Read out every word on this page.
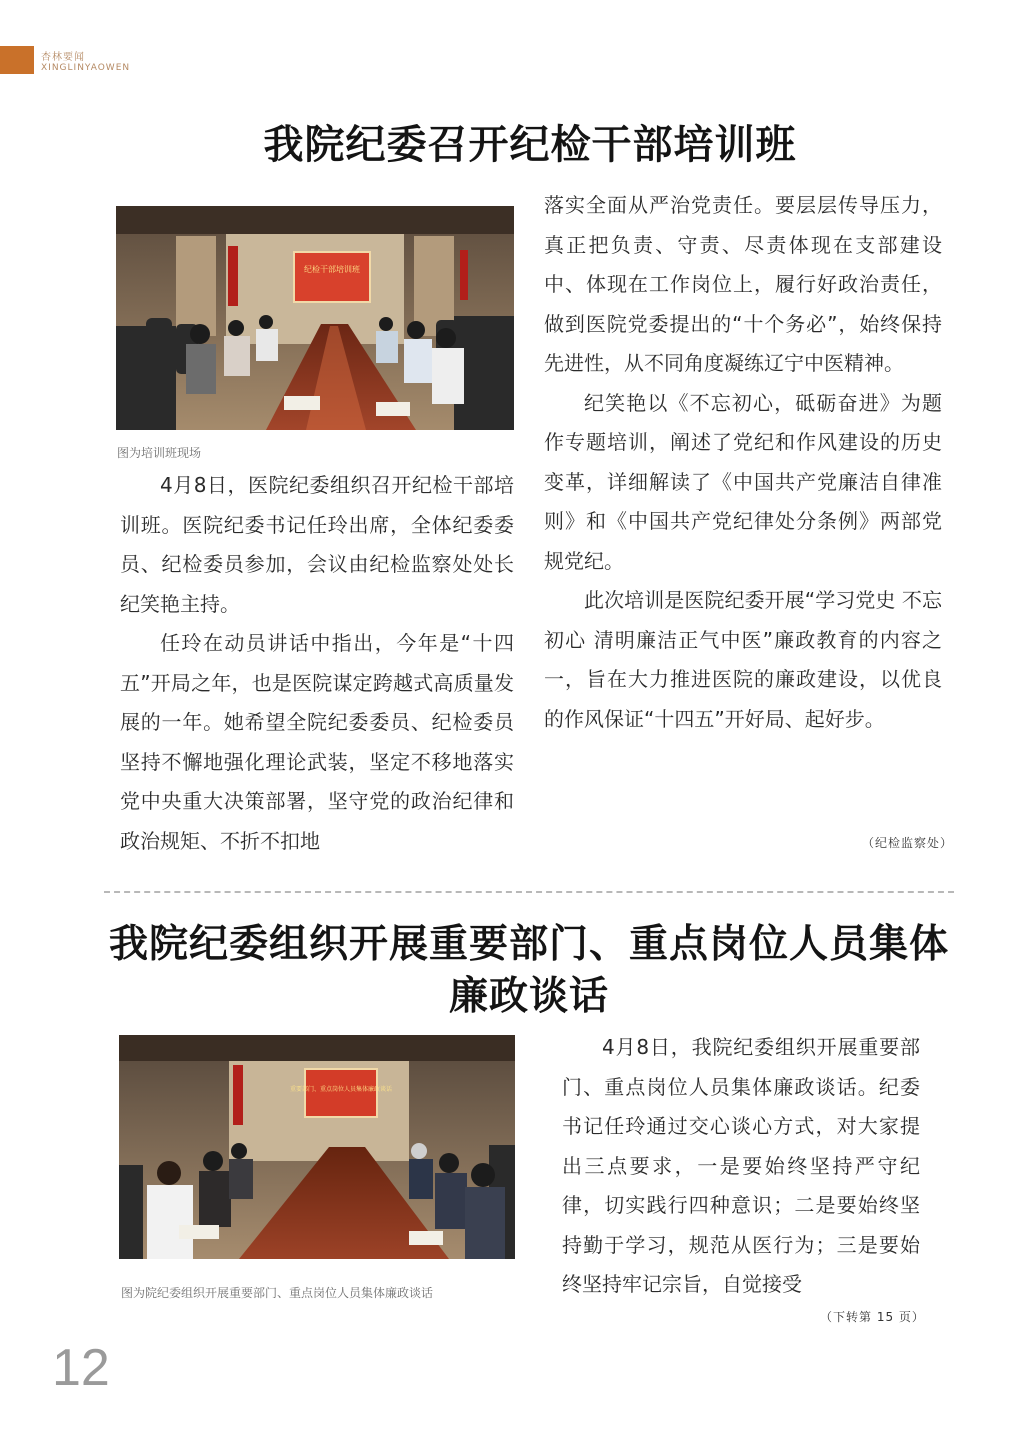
杏林要闻
XINGLINYAOWEN
我院纪委召开纪检干部培训班
纪检干部培训班
图为培训班现场

4月8日，医院纪委组织召开纪检干部培训班。医院纪委书记任玲出席，全体纪委委员、纪检委员参加，会议由纪检监察处处长纪笑艳主持。

任玲在动员讲话中指出，今年是“十四五”开局之年，也是医院谋定跨越式高质量发展的一年。她希望全院纪委委员、纪检委员坚持不懈地强化理论武装，坚定不移地落实党中央重大决策部署，坚守党的政治纪律和政治规矩、不折不扣地

落实全面从严治党责任。要层层传导压力，真正把负责、守责、尽责体现在支部建设中、体现在工作岗位上，履行好政治责任，做到医院党委提出的“十个务必”，始终保持先进性，从不同角度凝练辽宁中医精神。

纪笑艳以《不忘初心，砥砺奋进》为题作专题培训，阐述了党纪和作风建设的历史变革，详细解读了《中国共产党廉洁自律准则》和《中国共产党纪律处分条例》两部党规党纪。

此次培训是医院纪委开展“学习党史 不忘初心 清明廉洁正气中医”廉政教育的内容之一，旨在大力推进医院的廉政建设，以优良的作风保证“十四五”开好局、起好步。

（纪检监察处）
我院纪委组织开展重要部门、重点岗位人员集体
廉政谈话
重要部门、重点岗位人员集体廉政谈话
图为院纪委组织开展重要部门、重点岗位人员集体廉政谈话

4月8日，我院纪委组织开展重要部门、重点岗位人员集体廉政谈话。纪委书记任玲通过交心谈心方式，对大家提出三点要求，一是要始终坚持严守纪律，切实践行四种意识；二是要始终坚持勤于学习，规范从医行为；三是要始终坚持牢记宗旨，自觉接受

（下转第 15 页）
12
